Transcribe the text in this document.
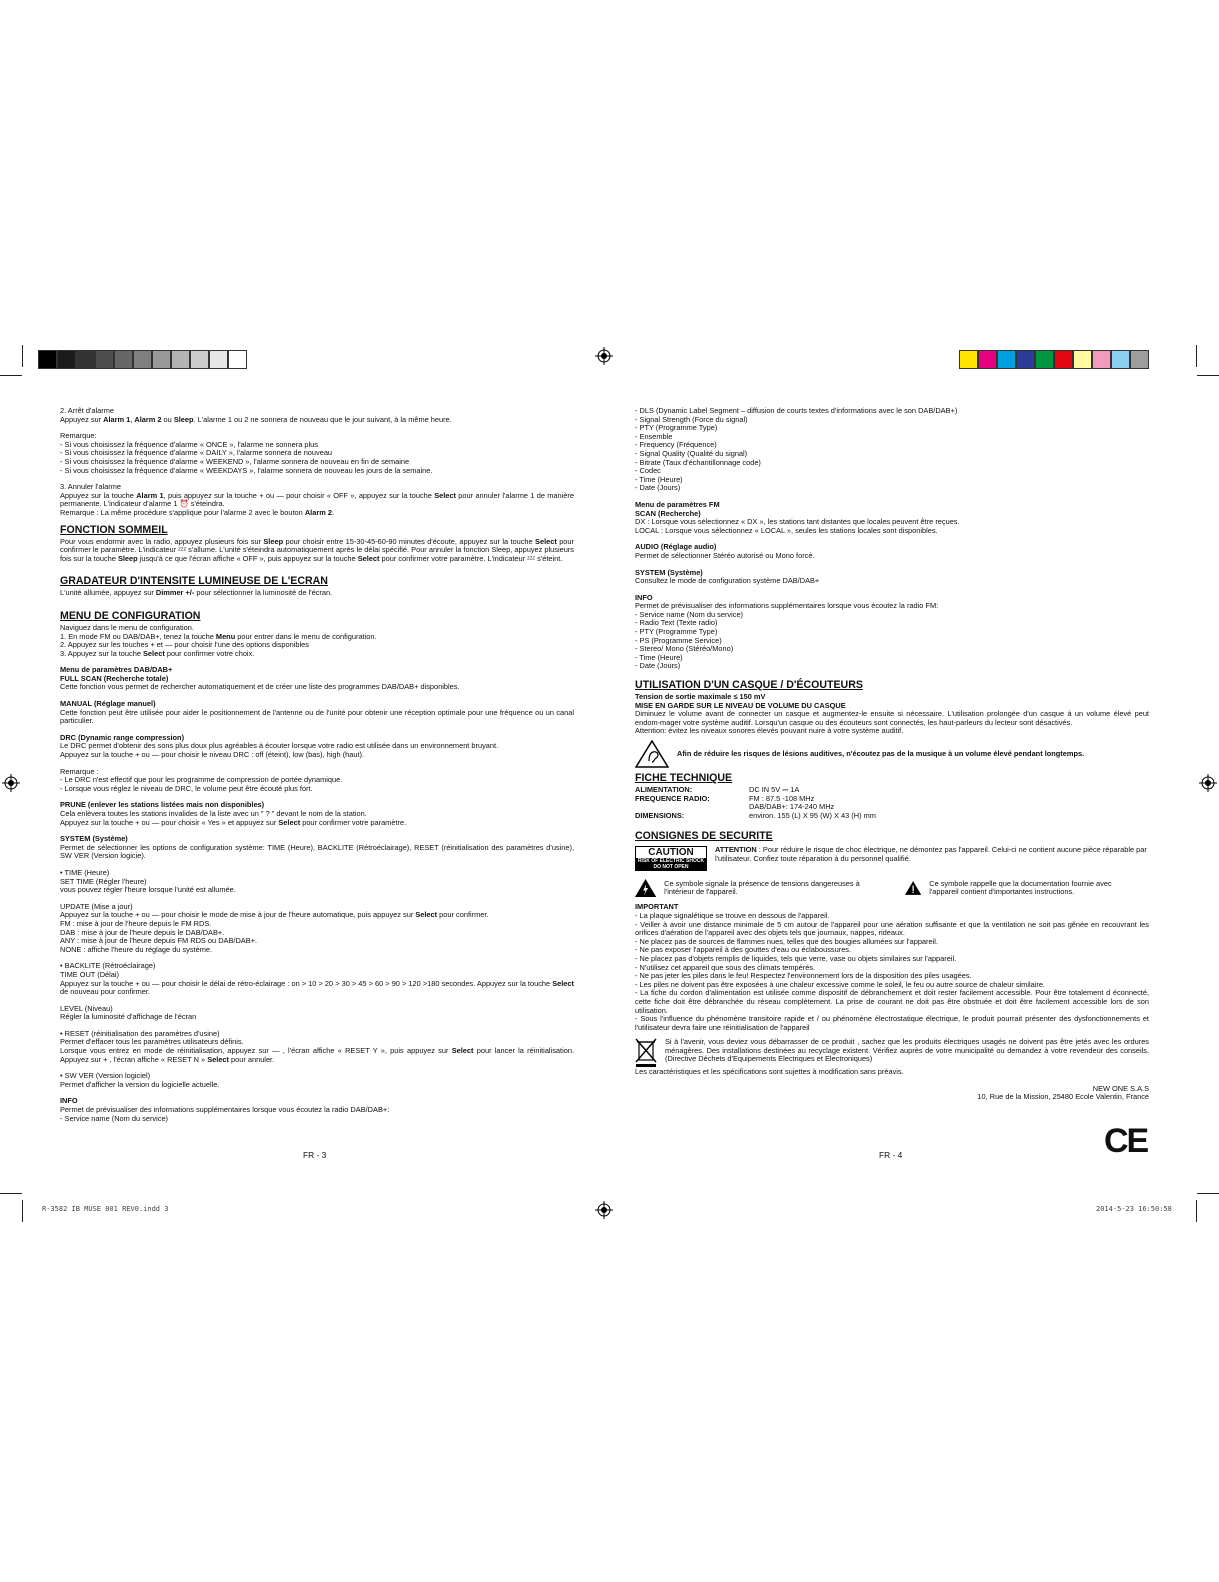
2. Arrêt d'alarme

Appuyez sur Alarm 1, Alarm 2 ou Sleep. L'alarme 1 ou 2 ne sonnera de nouveau que le jour suivant, à la même heure.

Remarque:

- Si vous choisissez la fréquence d'alarme « ONCE », l'alarme ne sonnera plus

- Si vous choisissez la fréquence d'alarme « DAILY », l'alarme sonnera de nouveau

- Si vous choisissez la fréquence d'alarme « WEEKEND », l'alarme sonnera de nouveau en fin de semaine

- Si vous choisissez la fréquence d'alarme « WEEKDAYS », l'alarme sonnera de nouveau les jours de la semaine.

3. Annuler l'alarme

Appuyez sur la touche Alarm 1, puis appuyez sur la touche + ou — pour choisir « OFF », appuyez sur la touche Select pour annuler l'alarme 1 de manière permanente. L'indicateur d'alarme 1 ⏰ s'éteindra.

Remarque : La même procédure s'applique pour l'alarme 2 avec le bouton Alarm 2.

FONCTION SOMMEIL

Pour vous endormir avec la radio, appuyez plusieurs fois sur Sleep pour choisir entre 15-30-45-60-90 minutes d'écoute, appuyez sur la touche Select pour confirmer le paramètre. L'indicateur ᶻᶻᶻ s'allume. L'unité s'éteindra automatiquement après le délai spécifié. Pour annuler la fonction Sleep, appuyez plusieurs fois sur la touche Sleep jusqu'à ce que l'écran affiche « OFF », puis appuyez sur la touche Select pour confirmer votre paramètre. L'indicateur ᶻᶻᶻ s'éteint.

GRADATEUR D'INTENSITE LUMINEUSE DE L'ECRAN

L'unité allumée, appuyez sur Dimmer +/- pour sélectionner la luminosité de l'écran.

MENU DE CONFIGURATION

Naviguez dans le menu de configuration.

1. En mode FM ou DAB/DAB+, tenez la touche Menu pour entrer dans le menu de configuration.

2. Appuyez sur les touches + et — pour choisir l'une des options disponibles

3. Appuyez sur la touche Select pour confirmer votre choix.

Menu de paramètres DAB/DAB+

FULL SCAN (Recherche totale)

Cette fonction vous permet de rechercher automatiquement et de créer une liste des programmes DAB/DAB+ disponibles.

MANUAL (Réglage manuel)

Cette fonction peut être utilisée pour aider le positionnement de l'antenne ou de l'unité pour obtenir une réception optimale pour une fréquence ou un canal particulier.

DRC (Dynamic range compression)

Le DRC permet d'obtenir des sons plus doux plus agréables à écouter lorsque votre radio est utilisée dans un environnement bruyant.

Appuyez sur la touche + ou — pour choisir le niveau DRC : off (éteint), low (bas), high (haut).

Remarque :

- Le DRC n'est effectif que pour les programme de compression de portée dynamique.

- Lorsque vous réglez le niveau de DRC, le volume peut être écouté plus fort.

PRUNE (enlever les stations listées mais non disponibles)

Cela enlèvera toutes les stations invalides de la liste avec un " ? " devant le nom de la station.

Appuyez sur la touche + ou — pour choisir « Yes » et appuyez sur Select pour confirmer votre paramètre.

SYSTEM (Système)

Permet de sélectionner les options de configuration système: TIME (Heure), BACKLITE (Rétroéclairage), RESET (réinitialisation des paramètres d'usine), SW VER (Version logicie).

• TIME (Heure)

SET TIME (Régler l'heure)

vous pouvez régler l'heure lorsque l'unité est allumée.

UPDATE (Mise a jour)

Appuyez sur la touche + ou — pour choisir le mode de mise à jour de l'heure automatique, puis appuyez sur Select pour confirmer.

FM : mise à jour de l'heure depuis le FM RDS.

DAB : mise à jour de l'heure depuis le DAB/DAB+.

ANY : mise à jour de l'heure depuis FM RDS ou DAB/DAB+.

NONE : affiche l'heure du réglage du système.

• BACKLITE (Rétroéclairage)

TIME OUT (Délai)

Appuyez sur la touche + ou — pour choisir le délai de rétro-éclairage : on > 10 > 20 > 30 > 45 > 60 > 90 > 120 >180 secondes. Appuyez sur la touche Select de nouveau pour confirmer.

LEVEL (Niveau)

Régler la luminosité d'affichage de l'écran

• RESET (réinitialisation des paramètres d'usine)

Permet d'effacer tous les paramètres utilisateurs définis.

Lorsque vous entrez en mode de réinitialisation, appuyez sur — , l'écran affiche « RESET Y », puis appuyez sur Select pour lancer la réinitialisation. Appuyez sur + , l'écran affiche « RESET N » Select pour annuler.

• SW VER (Version logiciel)

Permet d'afficher la version du logicielle actuelle.

INFO

Permet de prévisualiser des informations supplémentaires lorsque vous écoutez la radio DAB/DAB+:

- Service name (Nom du service)

FR - 3

- DLS (Dynamic Label Segment – diffusion de courts textes d'informations avec le son DAB/DAB+)

- Signal Strength (Force du signal)

- PTY (Programme Type)

- Ensemble

- Frequency (Fréquence)

- Signal Quality (Qualité du signal)

- Bitrate (Taux d'échantillonnage code)

- Codec

- Time (Heure)

- Date (Jours)

Menu de paramètres FM

SCAN (Recherche)

DX : Lorsque vous sélectionnez « DX », les stations tant distantes que locales peuvent être reçues.

LOCAL : Lorsque vous sélectionnez « LOCAL », seules les stations locales sont disponibles.

AUDIO (Réglage audio)

Permet de sélectionner Stéréo autorisé ou Mono forcé.

SYSTEM (Système)

Consultez le mode de configuration système DAB/DAB+

INFO

Permet de prévisualiser des informations supplémentaires lorsque vous écoutez la radio FM:

- Service name (Nom du service)

- Radio Text (Texte radio)

- PTY (Programme Type)

- PS (Programme Service)

- Stereo/ Mono (Stéréo/Mono)

- Time (Heure)

- Date (Jours)

UTILISATION D'UN CASQUE / D'ÉCOUTEURS

Tension de sortie maximale ≤ 150 mV

MISE EN GARDE SUR LE NIVEAU DE VOLUME DU CASQUE

Diminuez le volume avant de connecter un casque et augmentez-le ensuite si nécessaire. L'utilisation prolongée d'un casque à un volume élevé peut endom-mager votre système auditif. Lorsqu'un casque ou des écouteurs sont connectés, les haut-parleurs du lecteur sont désactivés.

Attention: évitez les niveaux sonores élevés pouvant nuire à votre système auditif.

Afin de réduire les risques de lésions auditives, n'écoutez pas de la musique à un volume élevé pendant longtemps.

FICHE TECHNIQUE
ALIMENTATION:	DC IN 5V ⎓ 1A
FREQUENCE RADIO:	FM : 87.5 -108 MHz
DAB/DAB+: 174-240 MHz
DIMENSIONS:	environ. 155 (L) X 95 (W) X 43 (H) mm
CONSIGNES DE SECURITE
CAUTION
RISK OF ELECTRIC SHOCK
DO NOT OPEN

ATTENTION : Pour réduire le risque de choc électrique, ne démontez pas l'appareil. Celui-ci ne contient aucune pièce réparable par l'utilisateur. Confiez toute réparation à du personnel qualifié.

Ce symbole signale la présence de tensions dangereuses à l'intérieur de l'appareil.

Ce symbole rappelle que la documentation fournie avec l'appareil contient d'importantes instructions.

IMPORTANT

- La plaque signalétique se trouve en dessous de l'appareil.

- Veiller à avoir une distance minimale de 5 cm autour de l'appareil pour une aération suffisante et que la ventilation ne soit pas gênée en recouvrant les orifices d'aération de l'appareil avec des objets tels que journaux, nappes, rideaux.

- Ne placez pas de sources de flammes nues, telles que des bougies allumées sur l'appareil.

- Ne pas exposer l'appareil à des gouttes d'eau ou éclaboussures.

- Ne placez pas d'objets remplis de liquides, tels que verre, vase ou objets similaires sur l'appareil.

- N'utilisez cet appareil que sous des climats tempérés.

- Ne pas jeter les piles dans le feu! Respectez l'environnement lors de la disposition des piles usagées.

- Les piles ne doivent pas être exposées à une chaleur excessive comme le soleil, le feu ou autre source de chaleur similaire.

- La fiche du cordon d'alimentation est utilisée comme dispositif de débranchement et doit rester facilement accessible. Pour être totalement d éconnecté, cette fiche doit être débranchée du réseau complètement. La prise de courant ne doit pas être obstruée et doit être facilement accessible lors de son utilisation.

- Sous l'influence du phénomène transitoire rapide et / ou phénomène électrostatique électrique, le produit pourrait présenter des dysfonctionnements et l'utilisateur devra faire une réinitialisation de l'appareil

Si à l'avenir, vous deviez vous débarrasser de ce produit , sachez que les produits électriques usagés ne doivent pas être jetés avec les ordures ménagères. Des installations destinées au recyclage existent. Vérifiez auprès de votre municipalité ou demandez à votre revendeur des conseils. (Directive Déchets d'Equipements Electriques et Electroniques)

Les caractéristiques et les spécifications sont sujettes à modification sans préavis.

NEW ONE S.A.S

10, Rue de la Mission, 25480 Ecole Valentin, France

CE
FR - 4
R-3582 IB MUSE 001 REV0.indd 3	2014-5-23 16:50:58
